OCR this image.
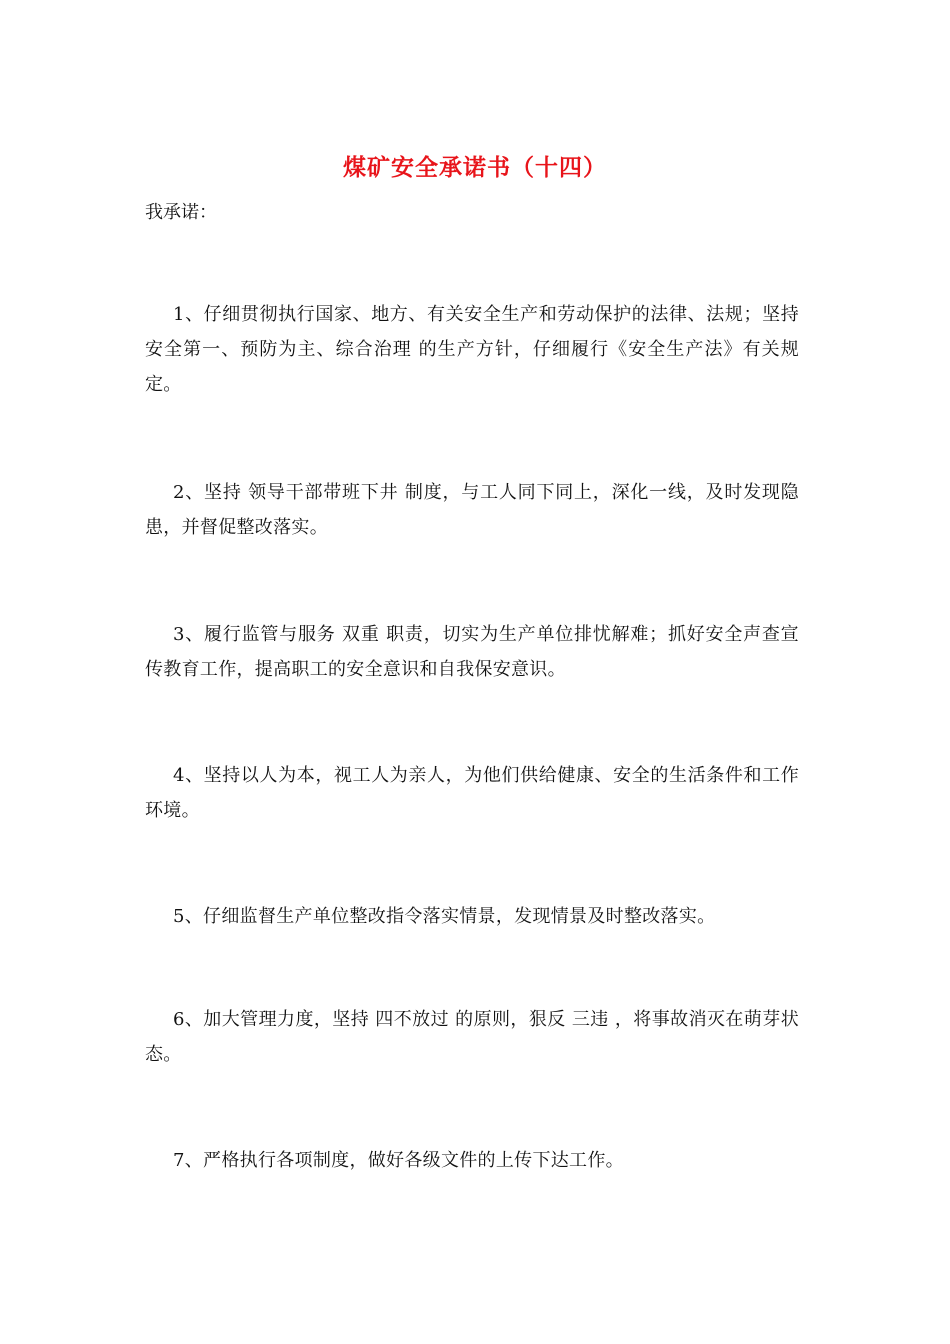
煤矿安全承诺书（十四）
我承诺：
1、仔细贯彻执行国家、地方、有关安全生产和劳动保护的法律、法规；坚持 安全第一、预防为主、综合治理 的生产方针，仔细履行《安全生产法》有关规定。
2、坚持 领导干部带班下井 制度，与工人同下同上，深化一线，及时发现隐患，并督促整改落实。
3、履行监管与服务 双重 职责，切实为生产单位排忧解难；抓好安全声查宣传教育工作，提高职工的安全意识和自我保安意识。
4、坚持以人为本，视工人为亲人，为他们供给健康、安全的生活条件和工作环境。
5、仔细监督生产单位整改指令落实情景，发现情景及时整改落实。
6、加大管理力度，坚持 四不放过 的原则，狠反 三违 ，将事故消灭在萌芽状态。
7、严格执行各项制度，做好各级文件的上传下达工作。
